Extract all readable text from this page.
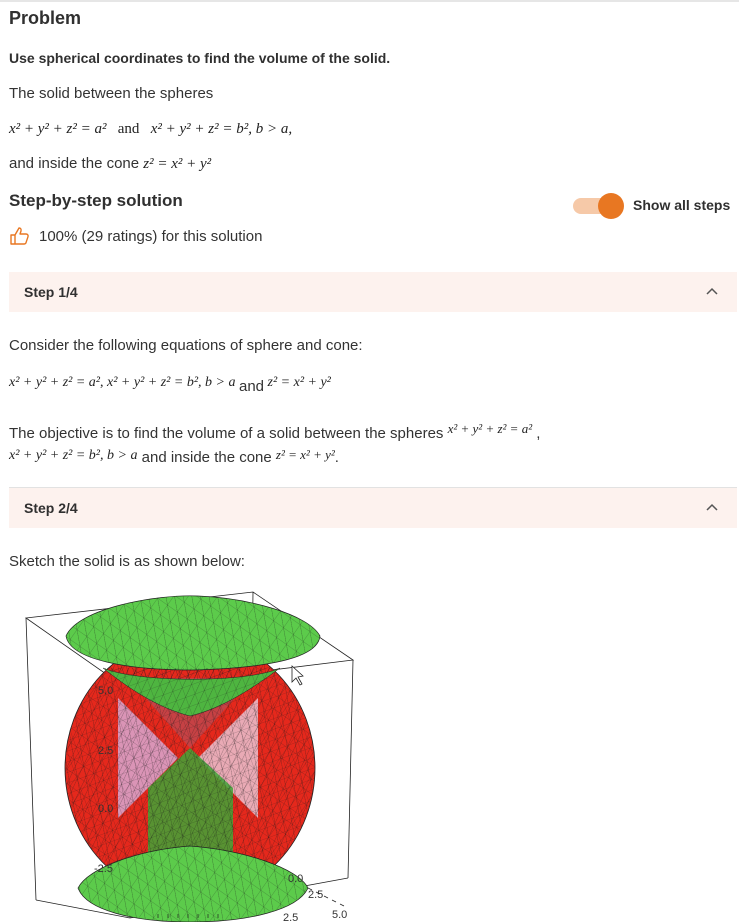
Problem
Use spherical coordinates to find the volume of the solid.
The solid between the spheres
x² + y² + z² = a² and x² + y² + z² = b², b > a,
and inside the cone z² = x² + y²
Step-by-step solution	Show all steps
100% (29 ratings) for this solution
Step 1/4
Consider the following equations of sphere and cone:
x² + y² + z² = a², x² + y² + z² = b², b > a and z² = x² + y²
The objective is to find the volume of a solid between the spheres x² + y² + z² = a² ,
x² + y² + z² = b², b > a and inside the cone z² = x² + y².
Step 2/4
Sketch the solid is as shown below:
5.0
2.5
0.0
-2.5
0.0
2.5
5.0
2.5
